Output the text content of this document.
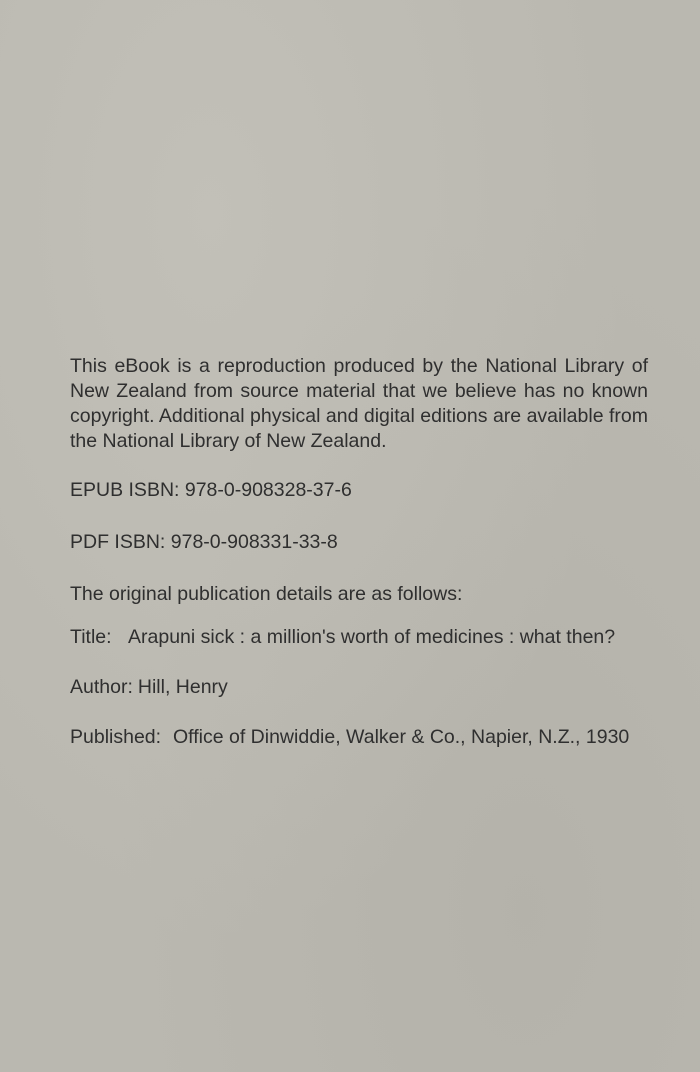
This eBook is a reproduction produced by the National Library of New Zealand from source material that we believe has no known copyright. Additional physical and digital editions are available from the National Library of New Zealand.

EPUB ISBN: 978-0-908328-37-6

PDF ISBN: 978-0-908331-33-8

The original publication details are as follows:

Title: Arapuni sick : a million's worth of medicines : what then?
Author: Hill, Henry
Published: Office of Dinwiddie, Walker & Co., Napier, N.Z., 1930
